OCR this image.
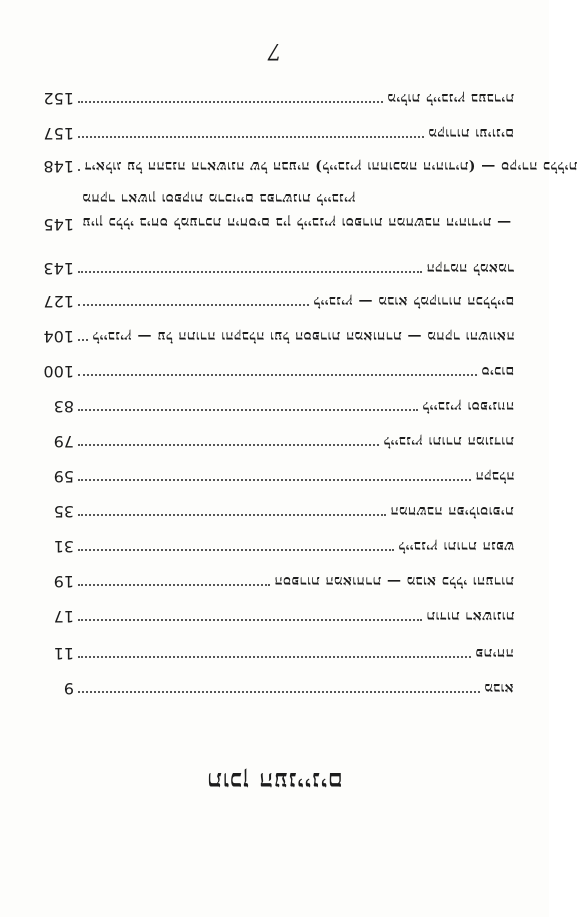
7
152	מילות לייבניץ בעברית
157	מקורות ועיונים
148 דיאלוג על ההבנה הראשונה של הבעיה (לייבניץ והחוכמה היהודית) — סקירה כללית
145 עיון כללי ביחס למערכת היחסים בין לייבניץ וספרות המחשבה היהודית — מחקר ראשון וספקות מרכזיים בפרשנות לייבניץ
143	הקדמה למאמר
127	לייבניץ — מבוא למקורות הכלליים
104 לייבניץ — על התורה והקבלה ועל הספרות המאוחרת — מחקר והשוואה
100	סיכום
83	לייבניץ וספינוזה
79	לייבניץ ותורת המונדות
59	הקבלה
35	המחשבה הפילוסופית
31	לייבניץ ותורת הנפש
19	הספרות המאוחרת — מבוא כללי והערות
17	תודות ראשונות
11	פתיחה
9	מבוא
תוכן העניינים
